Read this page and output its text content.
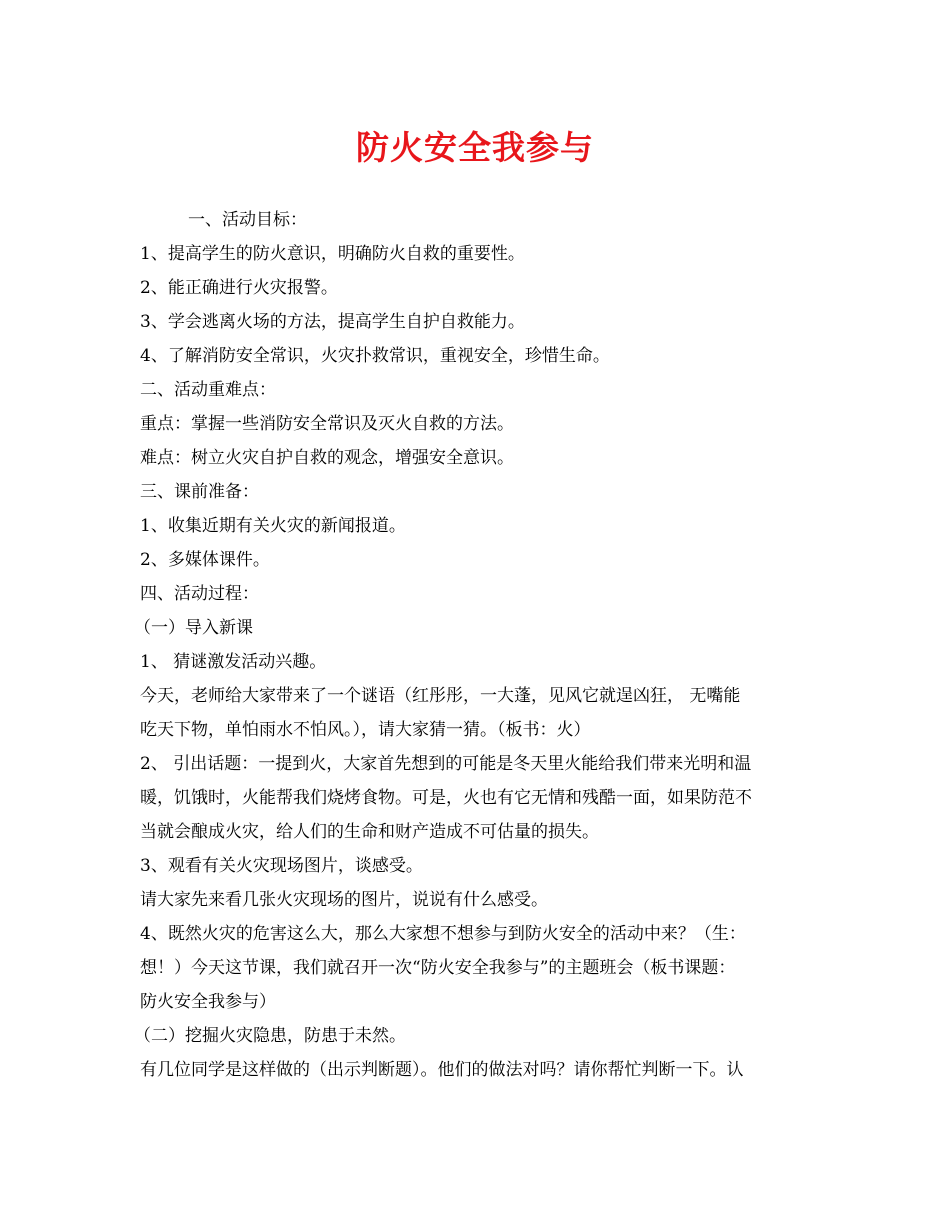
防火安全我参与
一、活动目标：
1、提高学生的防火意识，明确防火自救的重要性。
2、能正确进行火灾报警。
3、学会逃离火场的方法，提高学生自护自救能力。
4、了解消防安全常识，火灾扑救常识，重视安全，珍惜生命。
二、活动重难点：
重点：掌握一些消防安全常识及灭火自救的方法。
难点：树立火灾自护自救的观念，增强安全意识。
三、课前准备：
1、收集近期有关火灾的新闻报道。
2、多媒体课件。
四、活动过程：
（一）导入新课
1、 猜谜激发活动兴趣。
今天，老师给大家带来了一个谜语（红彤彤，一大蓬，见风它就逞凶狂， 无嘴能
吃天下物，单怕雨水不怕风。），请大家猜一猜。（板书：火）
2、 引出话题：一提到火，大家首先想到的可能是冬天里火能给我们带来光明和温
暖，饥饿时，火能帮我们烧烤食物。可是，火也有它无情和残酷一面，如果防范不
当就会酿成火灾，给人们的生命和财产造成不可估量的损失。
3、观看有关火灾现场图片，谈感受。
请大家先来看几张火灾现场的图片，说说有什么感受。
4、既然火灾的危害这么大，那么大家想不想参与到防火安全的活动中来？（生：
想！）今天这节课，我们就召开一次“防火安全我参与”的主题班会（板书课题：
防火安全我参与）
（二）挖掘火灾隐患，防患于未然。
有几位同学是这样做的（出示判断题）。他们的做法对吗？请你帮忙判断一下。认
